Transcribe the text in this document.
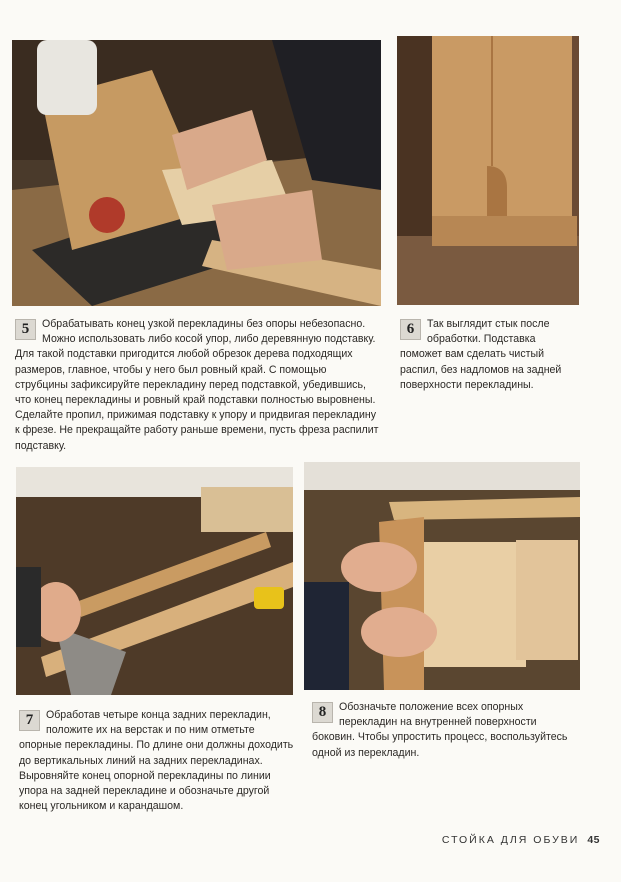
5	Обрабатывать конец узкой перекладины без опоры небезопасно. Можно использовать либо косой упор, либо деревянную подставку. Для такой подставки пригодится любой обрезок дерева подходящих размеров, главное, чтобы у него был ровный край. С помощью струбцины зафиксируйте перекладину перед подставкой, убедившись, что конец перекладины и ровный край подставки полностью выровнены. Сделайте пропил, прижимая подставку к упору и придвигая перекладину к фрезе. Не прекращайте работу раньше времени, пусть фреза распилит подставку.

6	Так выглядит стык после обработки. Подставка поможет вам сделать чистый распил, без надломов на задней поверхности перекладины.

7	Обработав четыре конца задних перекладин, положите их на верстак и по ним отметьте опорные перекладины. По длине они должны доходить до вертикальных линий на задних перекладинах. Выровняйте конец опорной перекладины по линии упора на задней перекладине и обозначьте другой конец угольником и карандашом.

8	Обозначьте положение всех опорных перекладин на внутренней поверхности боковин. Чтобы упростить процесс, воспользуйтесь одной из перекладин.

СТОЙКА ДЛЯ ОБУВИ 45
